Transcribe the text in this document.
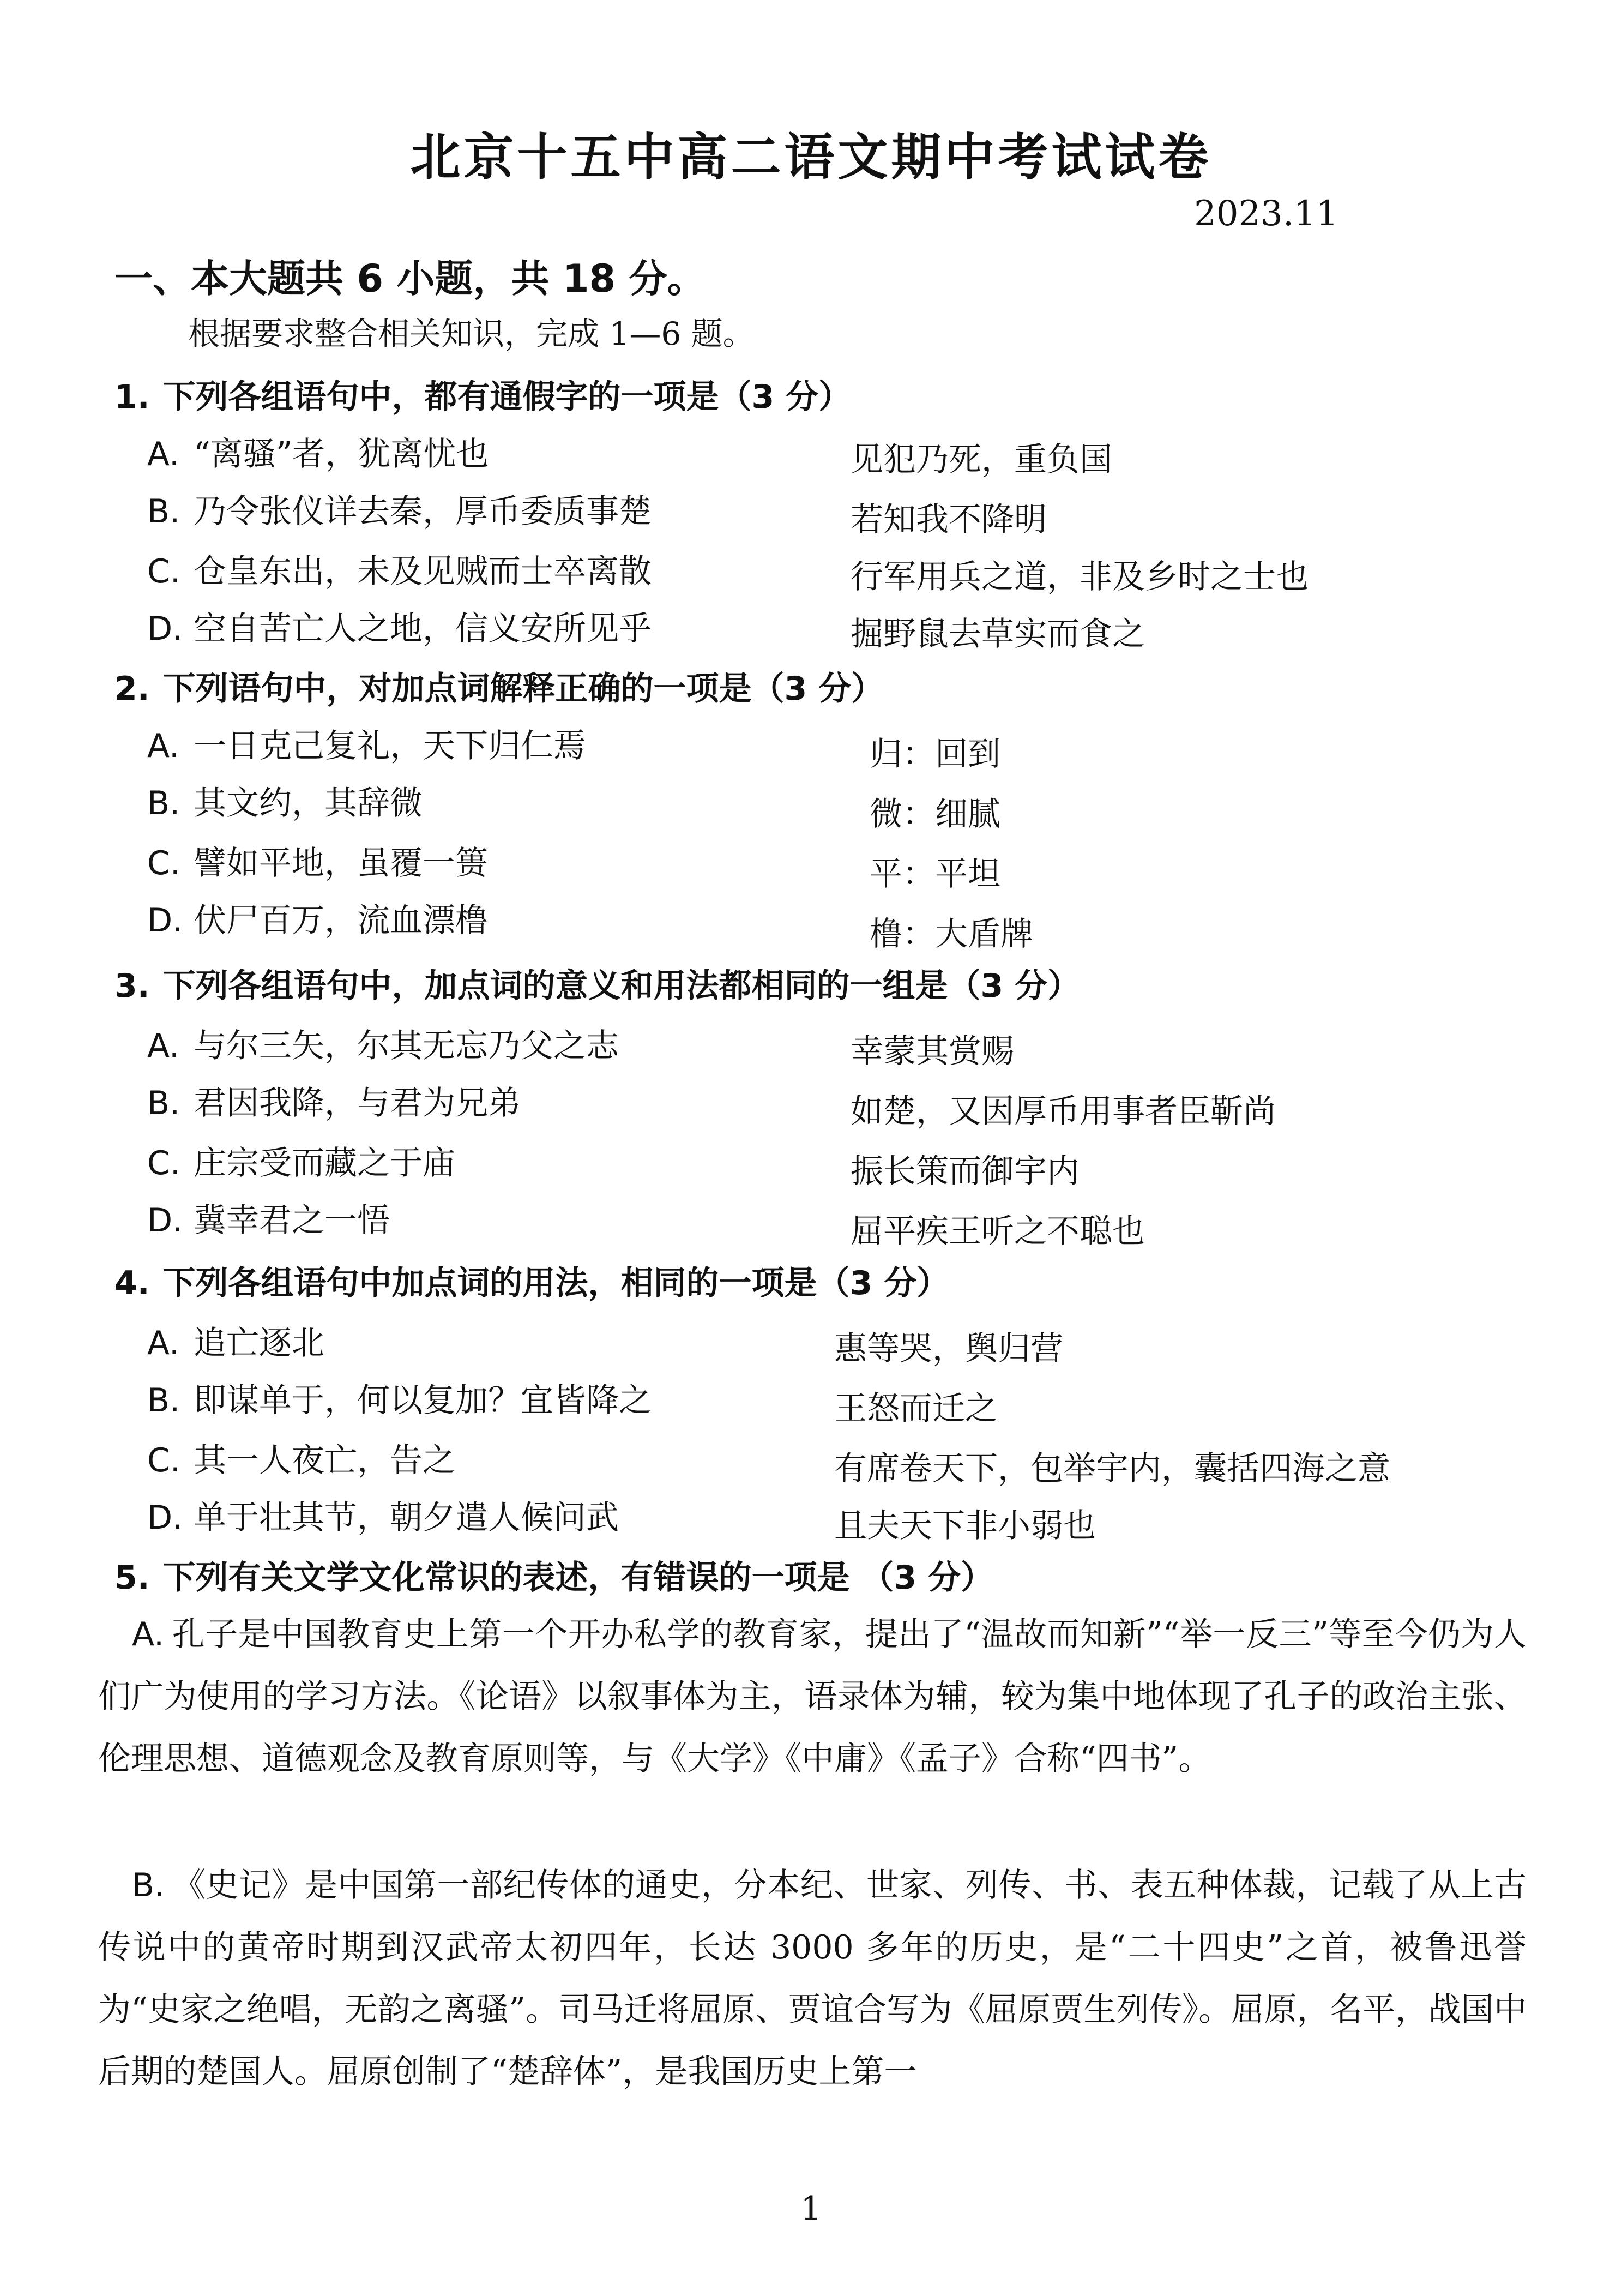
北京十五中高二语文期中考试试卷
2023.11
一、本大题共 6 小题，共 18 分。
根据要求整合相关知识，完成 1—6 题。
1. 下列各组语句中，都有通假字的一项是（3 分）
A. “离骚”者，犹离忧也	见犯乃死，重负国
B. 乃令张仪详去秦，厚币委质事楚	若知我不降明
C. 仓皇东出，未及见贼而士卒离散	行军用兵之道，非及乡时之士也
D. 空自苦亡人之地，信义安所见乎	掘野鼠去草实而食之
2. 下列语句中，对加点词解释正确的一项是（3 分）
A. 一日克己复礼，天下归仁焉	归：回到
B. 其文约，其辞微	微：细腻
C. 譬如平地，虽覆一篑	平：平坦
D. 伏尸百万，流血漂橹	橹：大盾牌
3. 下列各组语句中，加点词的意义和用法都相同的一组是（3 分）
A. 与尔三矢，尔其无忘乃父之志	幸蒙其赏赐
B. 君因我降，与君为兄弟	如楚，又因厚币用事者臣靳尚
C. 庄宗受而藏之于庙	振长策而御宇内
D. 冀幸君之一悟	屈平疾王听之不聪也
4. 下列各组语句中加点词的用法，相同的一项是（3 分）
A. 追亡逐北	惠等哭，舆归营
B. 即谋单于，何以复加？宜皆降之	王怒而迁之
C. 其一人夜亡，告之	有席卷天下，包举宇内，囊括四海之意
D. 单于壮其节，朝夕遣人候问武	且夫天下非小弱也
5. 下列有关文学文化常识的表述，有错误的一项是 （3 分）
A. 孔子是中国教育史上第一个开办私学的教育家，提出了“温故而知新”“举一反三”等至今仍为人们广为使用的学习方法。《论语》以叙事体为主，语录体为辅，较为集中地体现了孔子的政治主张、伦理思想、道德观念及教育原则等，与《大学》《中庸》《孟子》合称“四书”。
B. 《史记》是中国第一部纪传体的通史，分本纪、世家、列传、书、表五种体裁，记载了从上古传说中的黄帝时期到汉武帝太初四年，长达 3000 多年的历史，是“二十四史”之首，被鲁迅誉为“史家之绝唱，无韵之离骚”。司马迁将屈原、贾谊合写为《屈原贾生列传》。屈原，名平，战国中后期的楚国人。屈原创制了“楚辞体”，是我国历史上第一
1
